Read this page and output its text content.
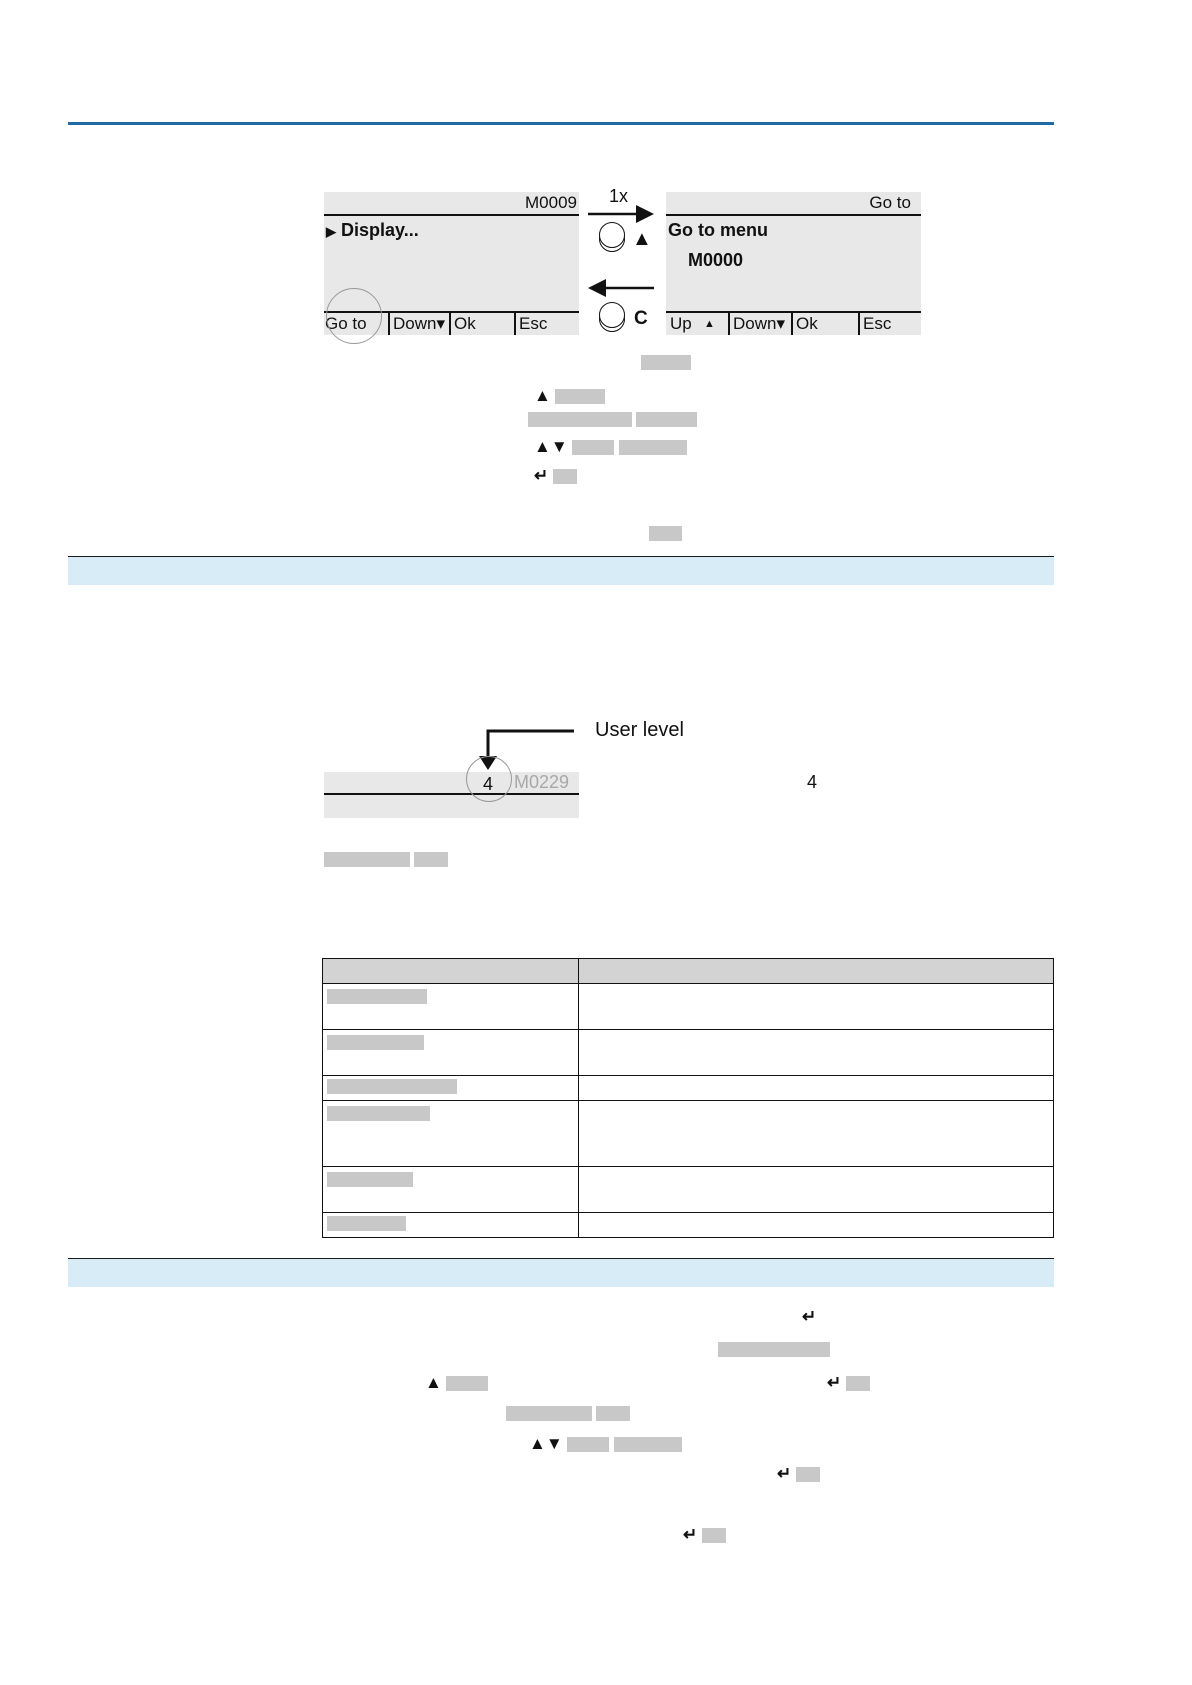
M0009
▶ Display...
Go to Down▾ Ok	Esc
1x
▲
C
Go to
Go to menu
M0000
Up ▲ Down▾ Ok	Esc
▲

▲▼
↵
User level
4
M0229
4

↵
▲	↵

▲▼
↵
↵
